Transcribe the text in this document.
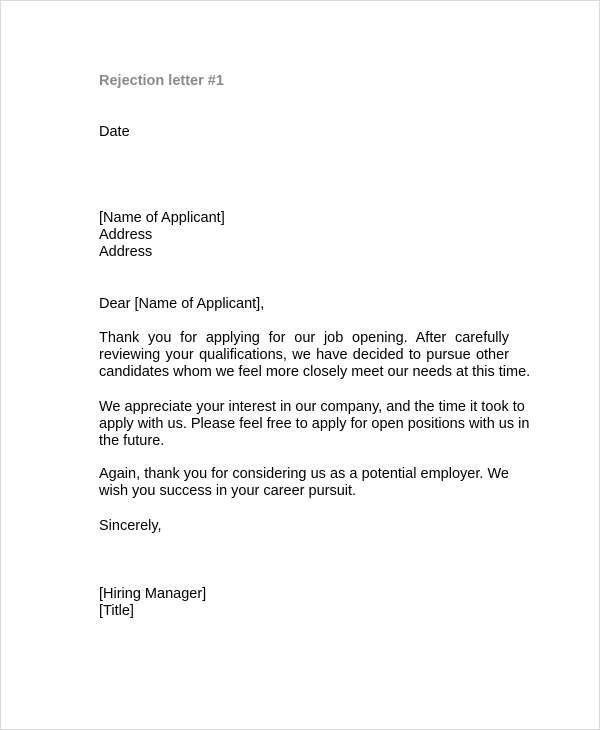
Rejection letter #1
Date
[Name of Applicant]
Address
Address
Dear [Name of Applicant],
Thank you for applying for our job opening. After carefully
reviewing your qualifications, we have decided to pursue other
candidates whom we feel more closely meet our needs at this time.
We appreciate your interest in our company, and the time it took to
apply with us. Please feel free to apply for open positions with us in
the future.
Again, thank you for considering us as a potential employer. We
wish you success in your career pursuit.
Sincerely,
[Hiring Manager]
[Title]
